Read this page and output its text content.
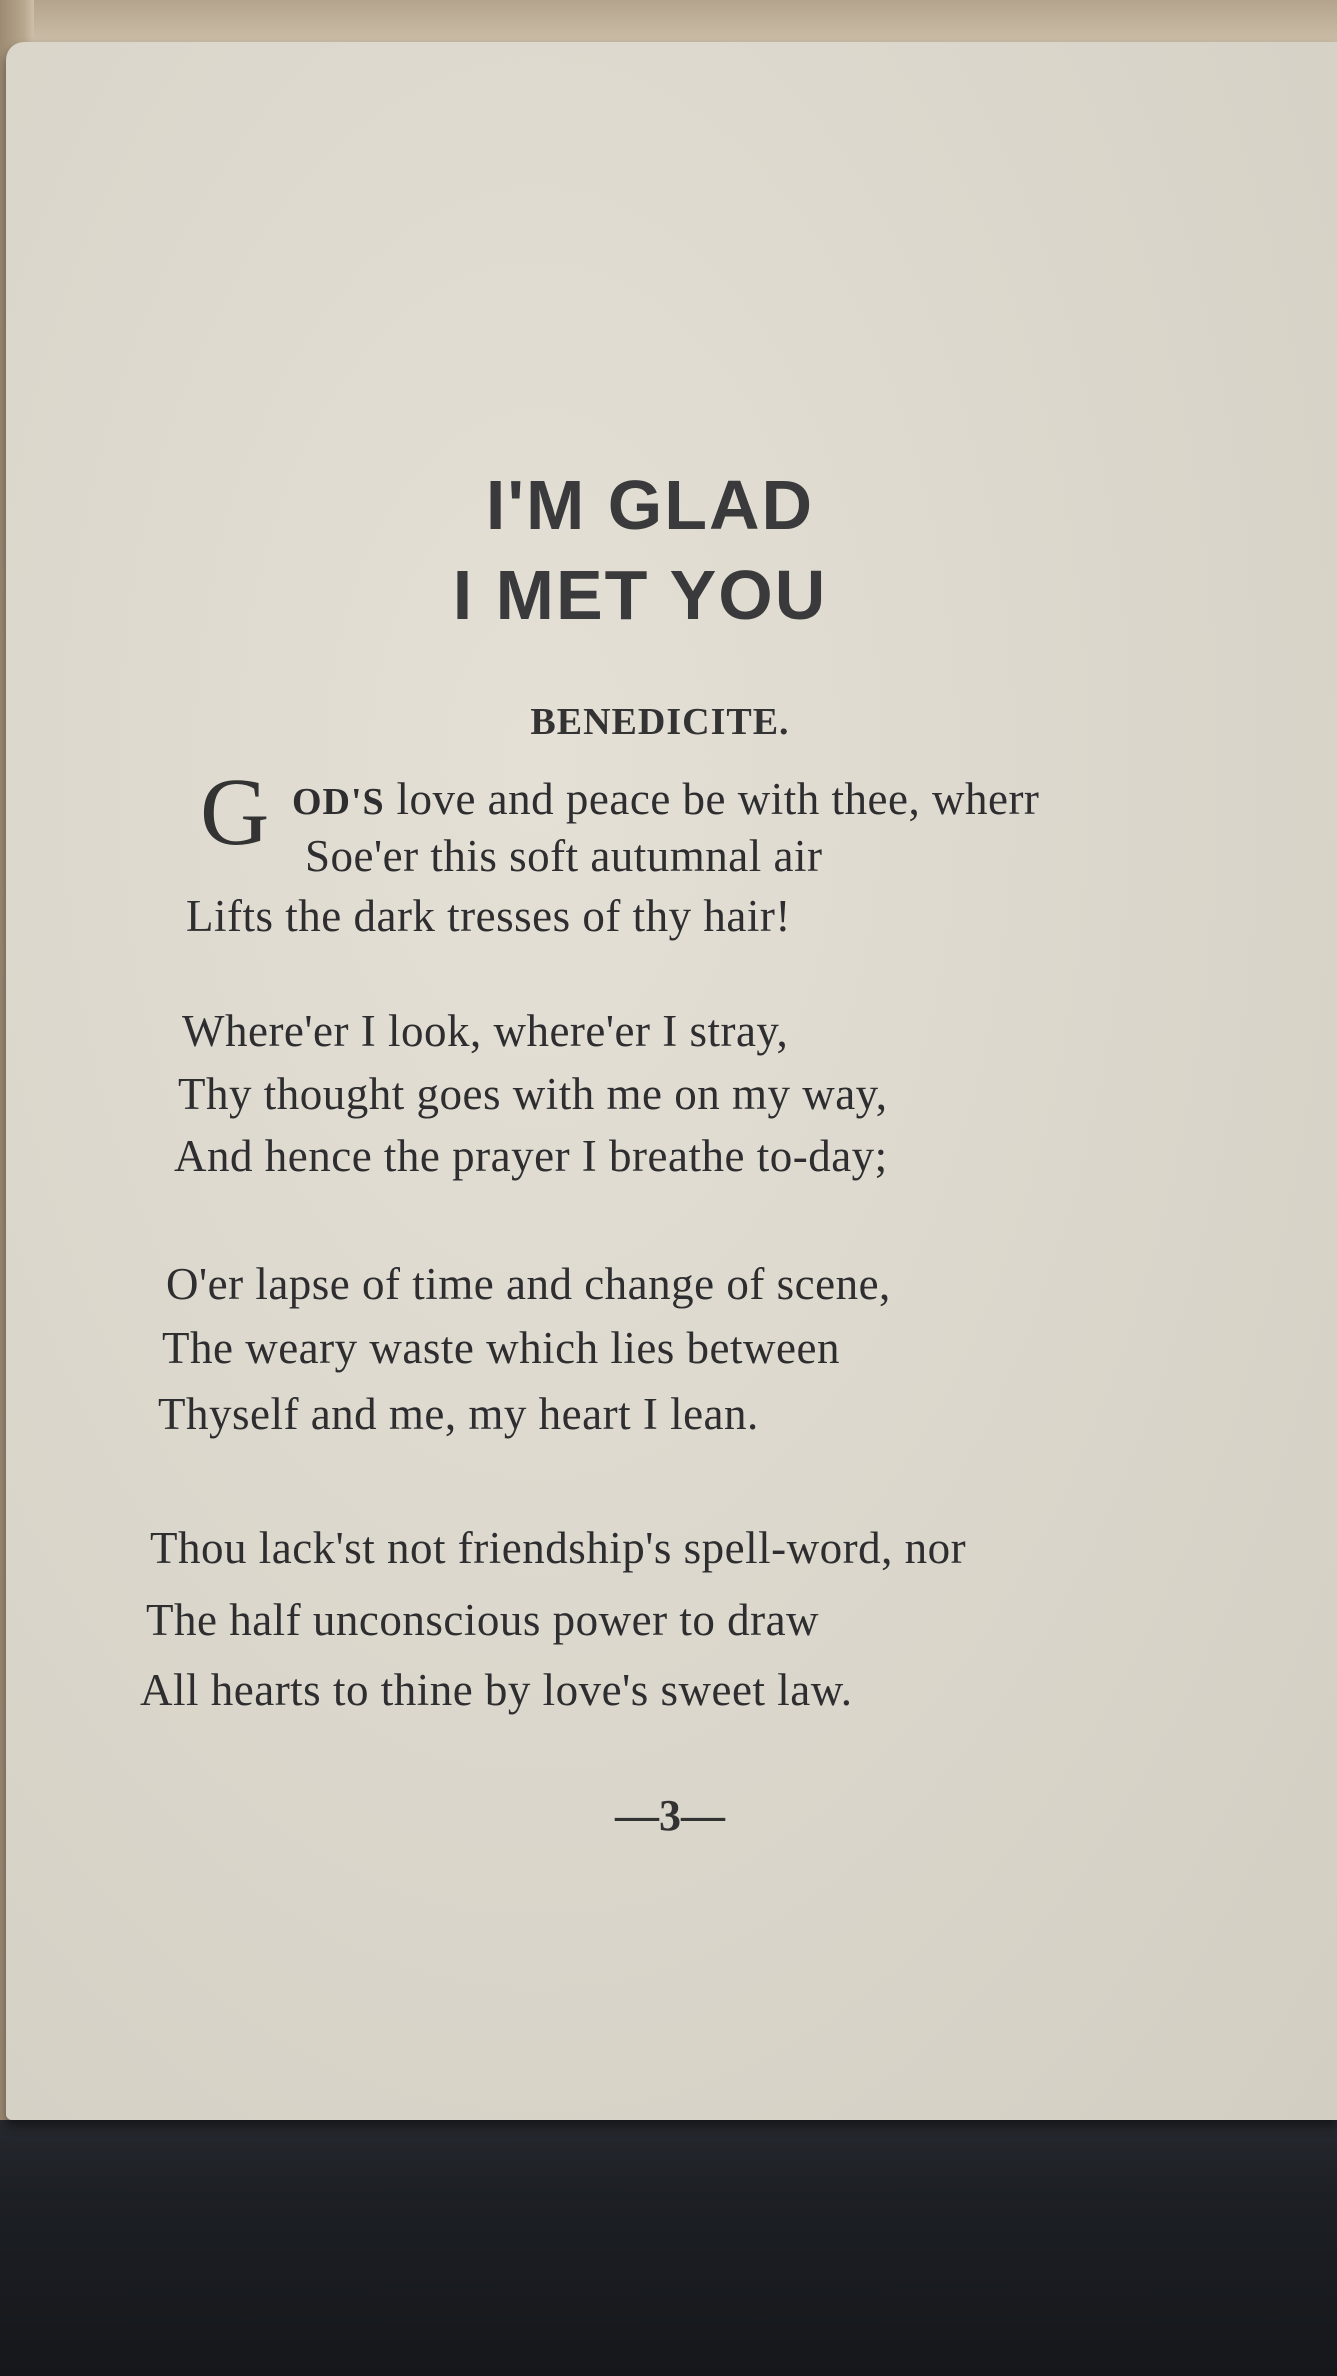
I'M GLAD
I MET YOU
BENEDICITE.
G OD'S love and peace be with thee, wherr

Soe'er this soft autumnal air

Lifts the dark tresses of thy hair!

Where'er I look, where'er I stray,

Thy thought goes with me on my way,

And hence the prayer I breathe to-day;

O'er lapse of time and change of scene,

The weary waste which lies between

Thyself and me, my heart I lean.

Thou lack'st not friendship's spell-word, nor

The half unconscious power to draw

All hearts to thine by love's sweet law.

—3—
